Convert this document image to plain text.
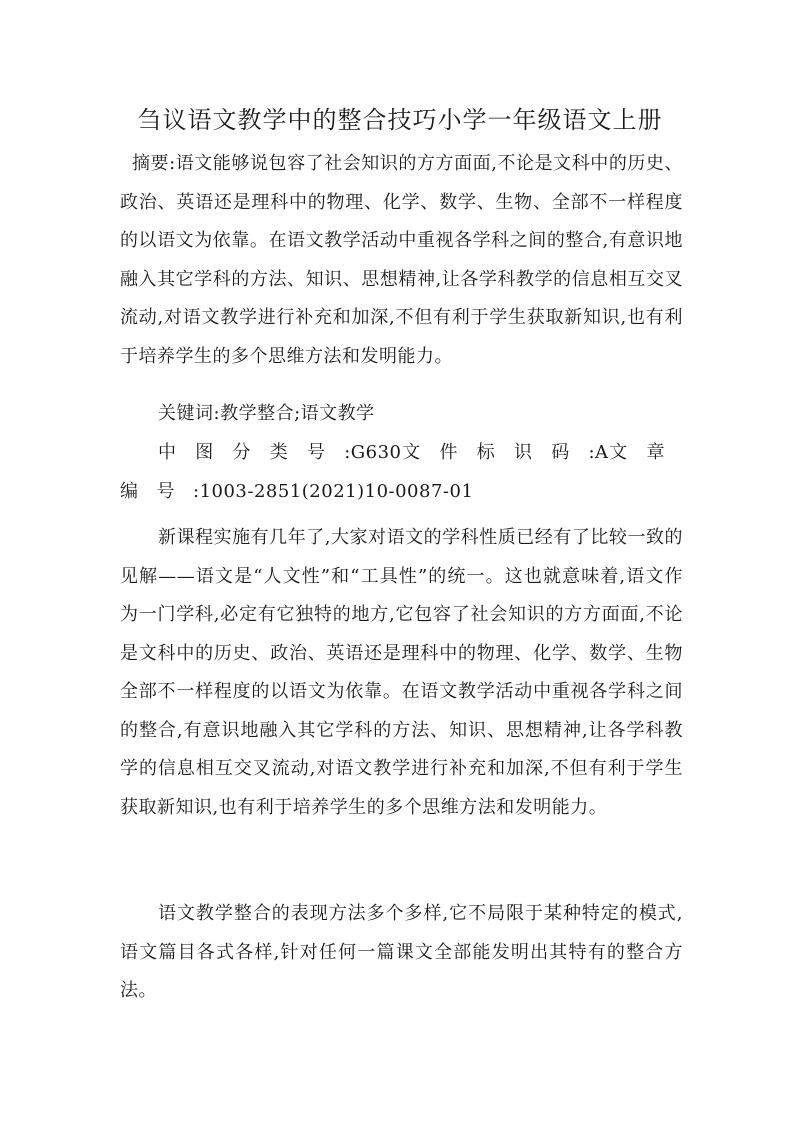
刍议语文教学中的整合技巧小学一年级语文上册

摘要:语文能够说包容了社会知识的方方面面,不论是文科中的历史、政治、英语还是理科中的物理、化学、数学、生物、全部不一样程度的以语文为依靠。在语文教学活动中重视各学科之间的整合,有意识地融入其它学科的方法、知识、思想精神,让各学科教学的信息相互交叉流动,对语文教学进行补充和加深,不但有利于学生获取新知识,也有利于培养学生的多个思维方法和发明能力。

关键词:教学整合;语文教学

中图分类号:G630文件标识码:A文章编号:1003-2851(2021)10-0087-01

新课程实施有几年了,大家对语文的学科性质已经有了比较一致的见解——语文是“人文性”和“工具性”的统一。这也就意味着,语文作为一门学科,必定有它独特的地方,它包容了社会知识的方方面面,不论是文科中的历史、政治、英语还是理科中的物理、化学、数学、生物全部不一样程度的以语文为依靠。在语文教学活动中重视各学科之间的整合,有意识地融入其它学科的方法、知识、思想精神,让各学科教学的信息相互交叉流动,对语文教学进行补充和加深,不但有利于学生获取新知识,也有利于培养学生的多个思维方法和发明能力。

语文教学整合的表现方法多个多样,它不局限于某种特定的模式,语文篇目各式各样,针对任何一篇课文全部能发明出其特有的整合方法。
